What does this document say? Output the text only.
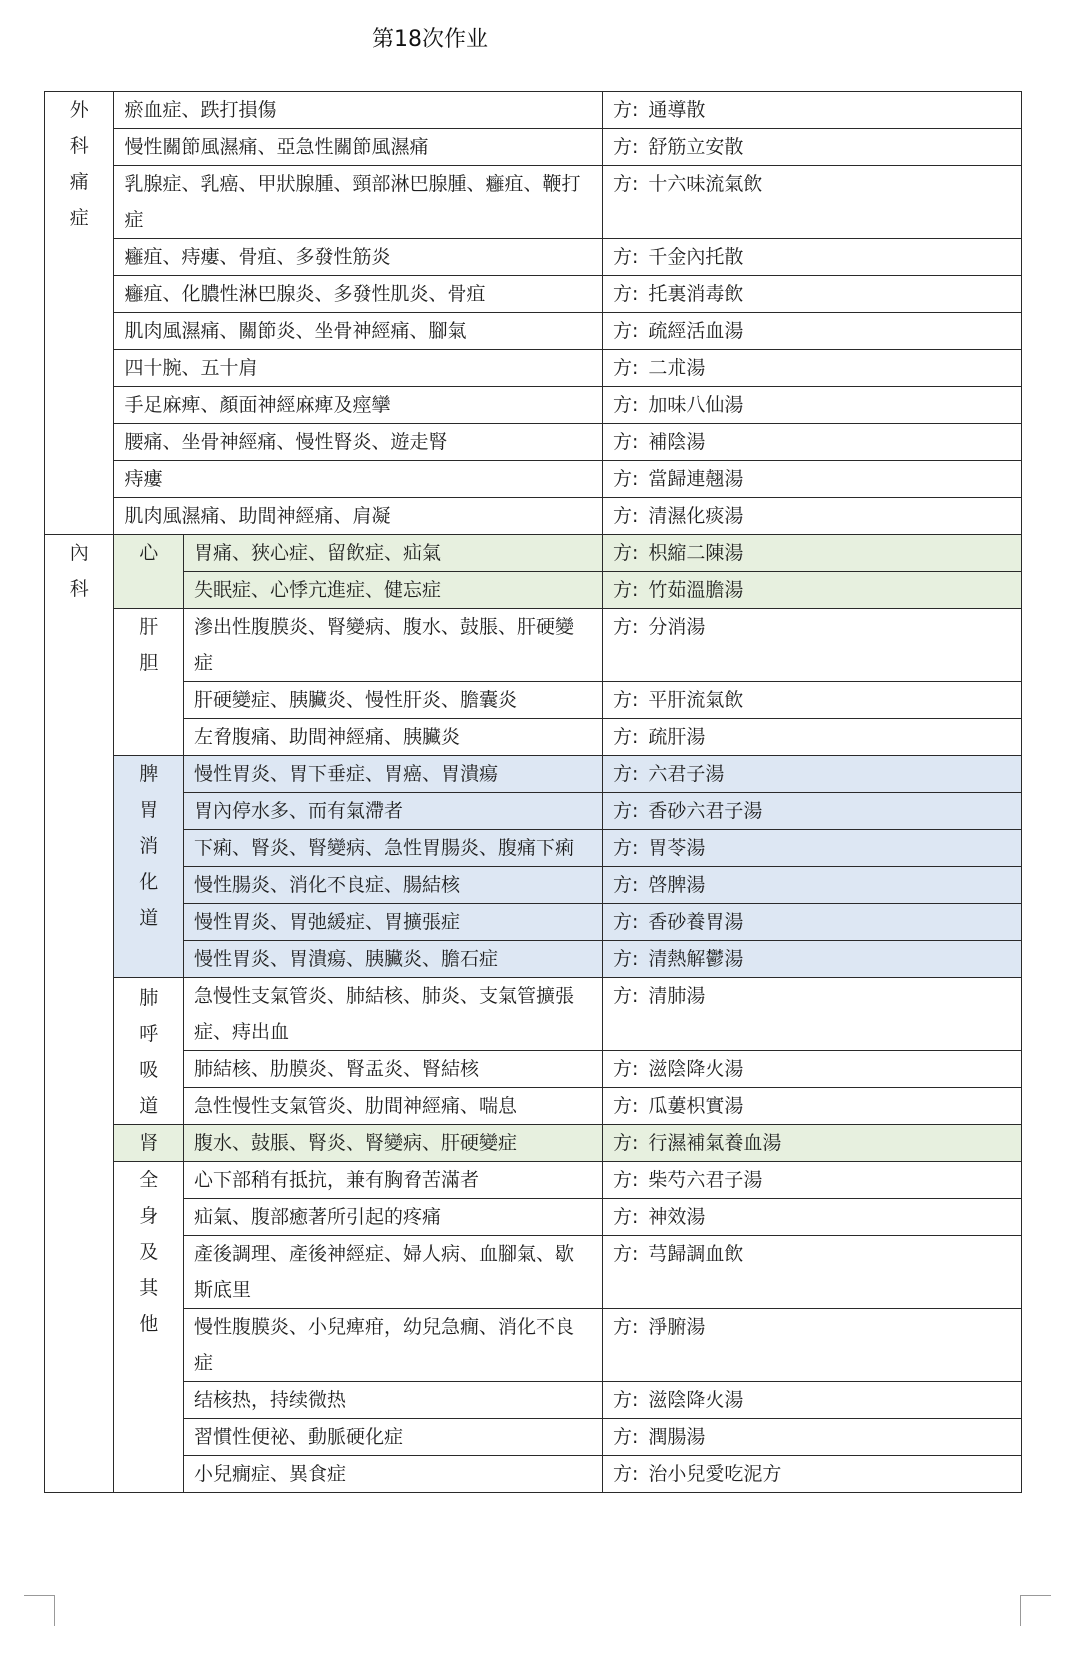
第18次作业
外科痛症	瘀血症、跌打損傷		方: 通導散
	慢性關節風濕痛、亞急性關節風濕痛		方: 舒筋立安散
	乳腺症、乳癌、甲狀腺腫、頸部淋巴腺腫、癰疽、鞭打症		方: 十六味流氣飲
	癰疽、痔瘻、骨疽、多發性筋炎		方: 千金內托散
	癰疽、化膿性淋巴腺炎、多發性肌炎、骨疽		方: 托裏消毒飲
	肌肉風濕痛、關節炎、坐骨神經痛、腳氣		方: 疏經活血湯
	四十腕、五十肩		方: 二朮湯
	手足麻痺、顏面神經麻痺及痙攣		方: 加味八仙湯
	腰痛、坐骨神經痛、慢性腎炎、遊走腎		方: 補陰湯
	痔瘻		方: 當歸連翹湯
	肌肉風濕痛、助間神經痛、肩凝		方: 清濕化痰湯

內科	心	胃痛、狹心症、留飲症、疝氣	方: 枳縮二陳湯
		失眠症、心悸亢進症、健忘症	方: 竹茹溫膽湯

	肝胆	滲出性腹膜炎、腎變病、腹水、鼓脹、肝硬變症	方: 分消湯
		肝硬變症、胰臟炎、慢性肝炎、膽囊炎	方: 平肝流氣飲
		左脅腹痛、助間神經痛、胰臟炎	方: 疏肝湯

	脾胃消化道	慢性胃炎、胃下垂症、胃癌、胃潰瘍	方: 六君子湯
		胃內停水多、而有氣滯者	方: 香砂六君子湯
		下痢、腎炎、腎變病、急性胃腸炎、腹痛下痢	方: 胃苓湯
		慢性腸炎、消化不良症、腸結核	方: 啓脾湯
		慢性胃炎、胃弛緩症、胃擴張症	方: 香砂養胃湯
		慢性胃炎、胃潰瘍、胰臟炎、膽石症	方: 清熱解鬱湯

	肺呼吸道	急慢性支氣管炎、肺結核、肺炎、支氣管擴張症、痔出血	方: 清肺湯
		肺結核、肋膜炎、腎盂炎、腎結核	方: 滋陰降火湯
		急性慢性支氣管炎、肋間神經痛、喘息	方: 瓜蔞枳實湯

	肾	腹水、鼓脹、腎炎、腎變病、肝硬變症	方: 行濕補氣養血湯

	全身及其他	心下部稍有抵抗，兼有胸脅苦滿者	方: 柴芍六君子湯
		疝氣、腹部癒著所引起的疼痛	方: 神效湯
		產後調理、產後神經症、婦人病、血腳氣、歇斯底里	方: 芎歸調血飲
		慢性腹膜炎、小兒痺疳，幼兒急癇、消化不良症	方: 淨腑湯
		结核热，持续微热	方: 滋陰降火湯
		習慣性便祕、動脈硬化症	方: 潤腸湯
		小兒癇症、異食症	方: 治小兒愛吃泥方
